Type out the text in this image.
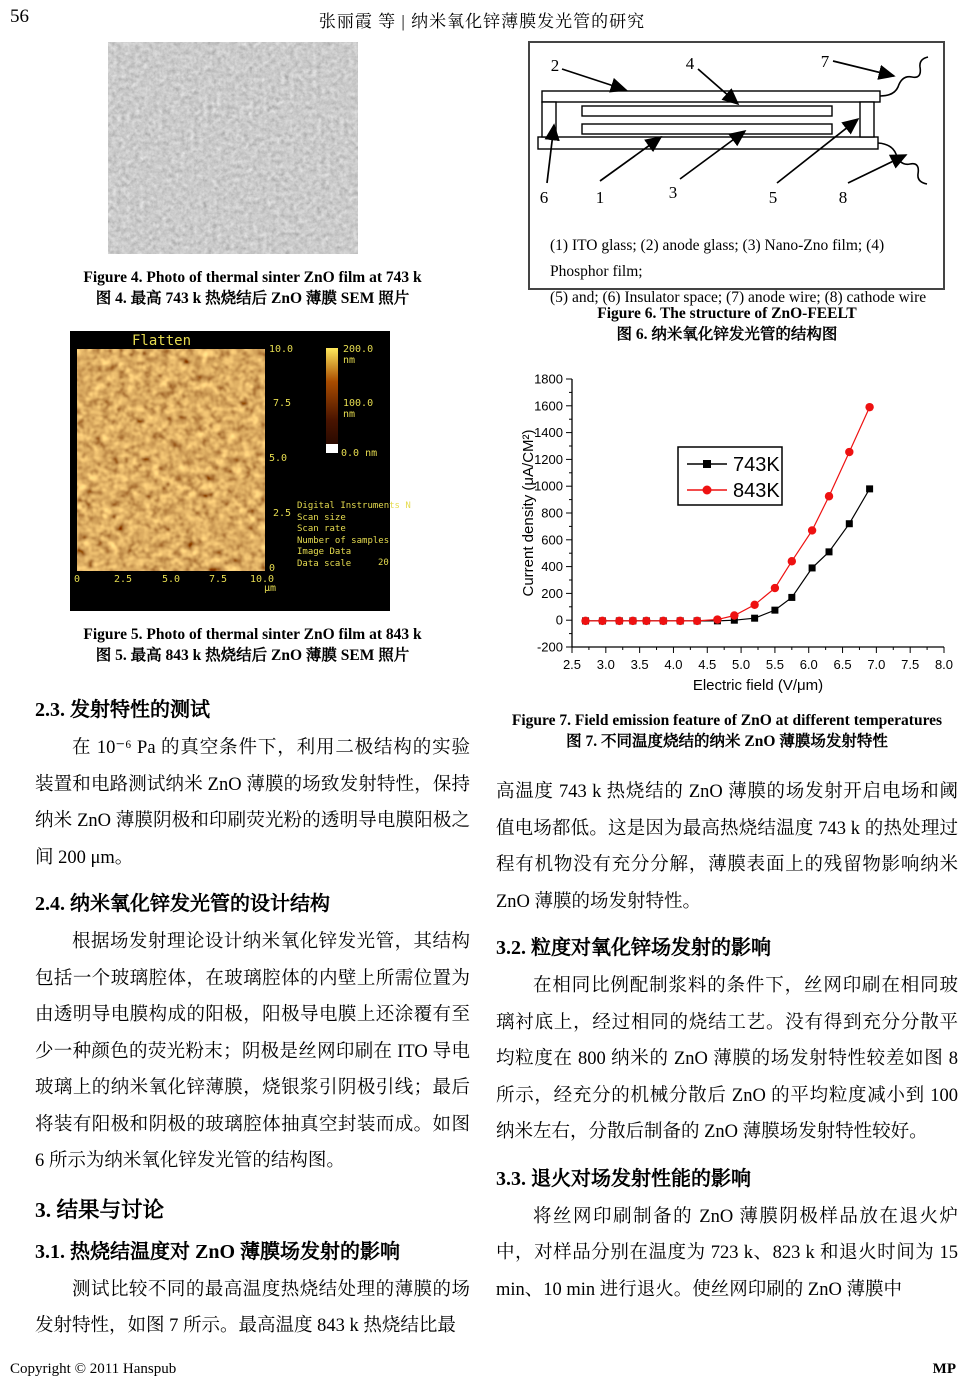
56	张丽霞 等 | 纳米氧化锌薄膜发光管的研究
Figure 4. Photo of thermal sinter ZnO film at 743 k
图 4. 最高 743 k 热烧结后 ZnO 薄膜 SEM 照片
Flatten
10.0
7.5
5.0
2.5
0
0	2.5	5.0	7.5 10.0
μm
200.0 nm
100.0 nm
0.0 nm
Digital Instruments N
Scan size
Scan rate
Number of samples
Image Data
Data scale	20
Figure 5. Photo of thermal sinter ZnO film at 843 k
图 5. 最高 843 k 热烧结后 ZnO 薄膜 SEM 照片
2.3. 发射特性的测试

在 10⁻⁶ Pa 的真空条件下，利用二极结构的实验装置和电路测试纳米 ZnO 薄膜的场致发射特性，保持纳米 ZnO 薄膜阴极和印刷荧光粉的透明导电膜阳极之间 200 μm。

2.4. 纳米氧化锌发光管的设计结构

根据场发射理论设计纳米氧化锌发光管，其结构包括一个玻璃腔体，在玻璃腔体的内壁上所需位置为由透明导电膜构成的阳极，阳极导电膜上还涂覆有至少一种颜色的荧光粉末；阴极是丝网印刷在 ITO 导电玻璃上的纳米氧化锌薄膜，烧银浆引阴极引线；最后将装有阳极和阴极的玻璃腔体抽真空封装而成。如图 6 所示为纳米氧化锌发光管的结构图。

3. 结果与讨论
3.1. 热烧结温度对 ZnO 薄膜场发射的影响

测试比较不同的最高温度热烧结处理的薄膜的场发射特性，如图 7 所示。最高温度 843 k 热烧结比最

2	4	7
6	1	3	5	8
(1) ITO glass; (2) anode glass; (3) Nano-Zno film; (4) Phosphor film;
(5) and; (6) Insulator space; (7) anode wire; (8) cathode wire
Figure 6. The structure of ZnO-FEELT
图 6. 纳米氧化锌发光管的结构图
2.5 3.0 3.5 4.0 4.5 5.0 5.5 6.0 6.5 7.0 7.5 8.0
-200
0
200
400
600
800
1000
1200
1400
1600
1800
Electric field (V/μm)
Current density (μA/CM²)	743K
843K
Figure 7. Field emission feature of ZnO at different temperatures
图 7. 不同温度烧结的纳米 ZnO 薄膜场发射特性

高温度 743 k 热烧结的 ZnO 薄膜的场发射开启电场和阈值电场都低。这是因为最高热烧结温度 743 k 的热处理过程有机物没有充分分解，薄膜表面上的残留物影响纳米 ZnO 薄膜的场发射特性。

3.2. 粒度对氧化锌场发射的影响

在相同比例配制浆料的条件下，丝网印刷在相同玻璃衬底上，经过相同的烧结工艺。没有得到充分分散平均粒度在 800 纳米的 ZnO 薄膜的场发射特性较差如图 8 所示，经充分的机械分散后 ZnO 的平均粒度减小到 100 纳米左右，分散后制备的 ZnO 薄膜场发射特性较好。

3.3. 退火对场发射性能的影响

将丝网印刷制备的 ZnO 薄膜阴极样品放在退火炉中，对样品分别在温度为 723 k、823 k 和退火时间为 15 min、10 min 进行退火。使丝网印刷的 ZnO 薄膜中

Copyright © 2011 Hanspub	MP
